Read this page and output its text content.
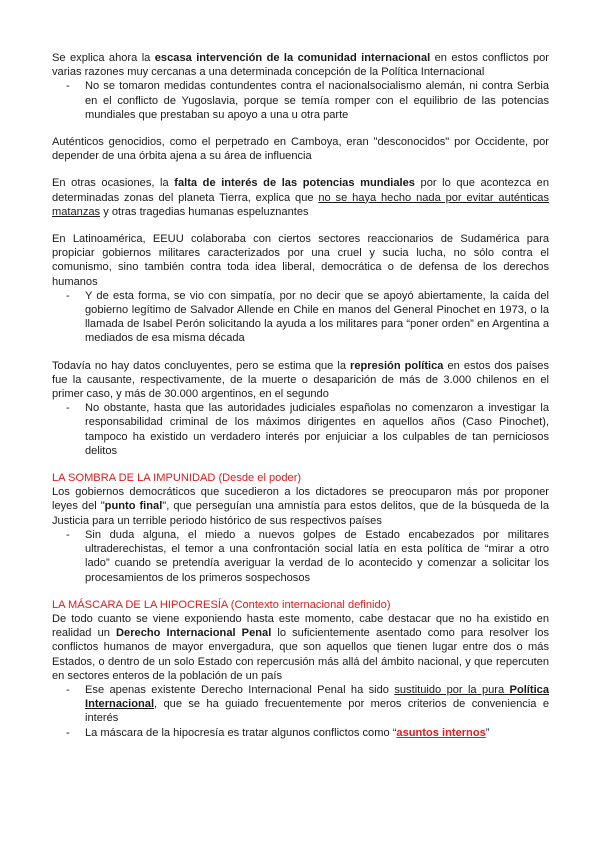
Se explica ahora la escasa intervención de la comunidad internacional en estos conflictos por varias razones muy cercanas a una determinada concepción de la Política Internacional

- No se tomaron medidas contundentes contra el nacionalsocialismo alemán, ni contra Serbia en el conflicto de Yugoslavia, porque se temía romper con el equilibrio de las potencias mundiales que prestaban su apoyo a una u otra parte

Auténticos genocidios, como el perpetrado en Camboya, eran "desconocidos" por Occidente, por depender de una órbita ajena a su área de influencia

En otras ocasiones, la falta de interés de las potencias mundiales por lo que acontezca en determinadas zonas del planeta Tierra, explica que no se haya hecho nada por evitar auténticas matanzas y otras tragedias humanas espeluznantes

En Latinoamérica, EEUU colaboraba con ciertos sectores reaccionarios de Sudamérica para propiciar gobiernos militares caracterizados por una cruel y sucia lucha, no sólo contra el comunismo, sino también contra toda idea liberal, democrática o de defensa de los derechos humanos

- Y de esta forma, se vio con simpatía, por no decir que se apoyó abiertamente, la caída del gobierno legítimo de Salvador Allende en Chile en manos del General Pinochet en 1973, o la llamada de Isabel Perón solicitando la ayuda a los militares para “poner orden” en Argentina a mediados de esa misma década

Todavía no hay datos concluyentes, pero se estima que la represión política en estos dos países fue la causante, respectivamente, de la muerte o desaparición de más de 3.000 chilenos en el primer caso, y más de 30.000 argentinos, en el segundo

- No obstante, hasta que las autoridades judiciales españolas no comenzaron a investigar la responsabilidad criminal de los máximos dirigentes en aquellos años (Caso Pinochet), tampoco ha existido un verdadero interés por enjuiciar a los culpables de tan perniciosos delitos

LA SOMBRA DE LA IMPUNIDAD (Desde el poder)

Los gobiernos democráticos que sucedieron a los dictadores se preocuparon más por proponer leyes del "punto final", que perseguían una amnistía para estos delitos, que de la búsqueda de la Justicia para un terrible periodo histórico de sus respectivos países

- Sin duda alguna, el miedo a nuevos golpes de Estado encabezados por militares ultraderechistas, el temor a una confrontación social latía en esta política de “mirar a otro lado” cuando se pretendía averiguar la verdad de lo acontecido y comenzar a solicitar los procesamientos de los primeros sospechosos

LA MÁSCARA DE LA HIPOCRESÍA (Contexto internacional definido)

De todo cuanto se viene exponiendo hasta este momento, cabe destacar que no ha existido en realidad un Derecho Internacional Penal lo suficientemente asentado como para resolver los conflictos humanos de mayor envergadura, que son aquellos que tienen lugar entre dos o más Estados, o dentro de un solo Estado con repercusión más allá del ámbito nacional, y que repercuten en sectores enteros de la población de un país

- Ese apenas existente Derecho Internacional Penal ha sido sustituido por la pura Política Internacional, que se ha guiado frecuentemente por meros criterios de conveniencia e interés
- La máscara de la hipocresía es tratar algunos conflictos como “asuntos internos”
